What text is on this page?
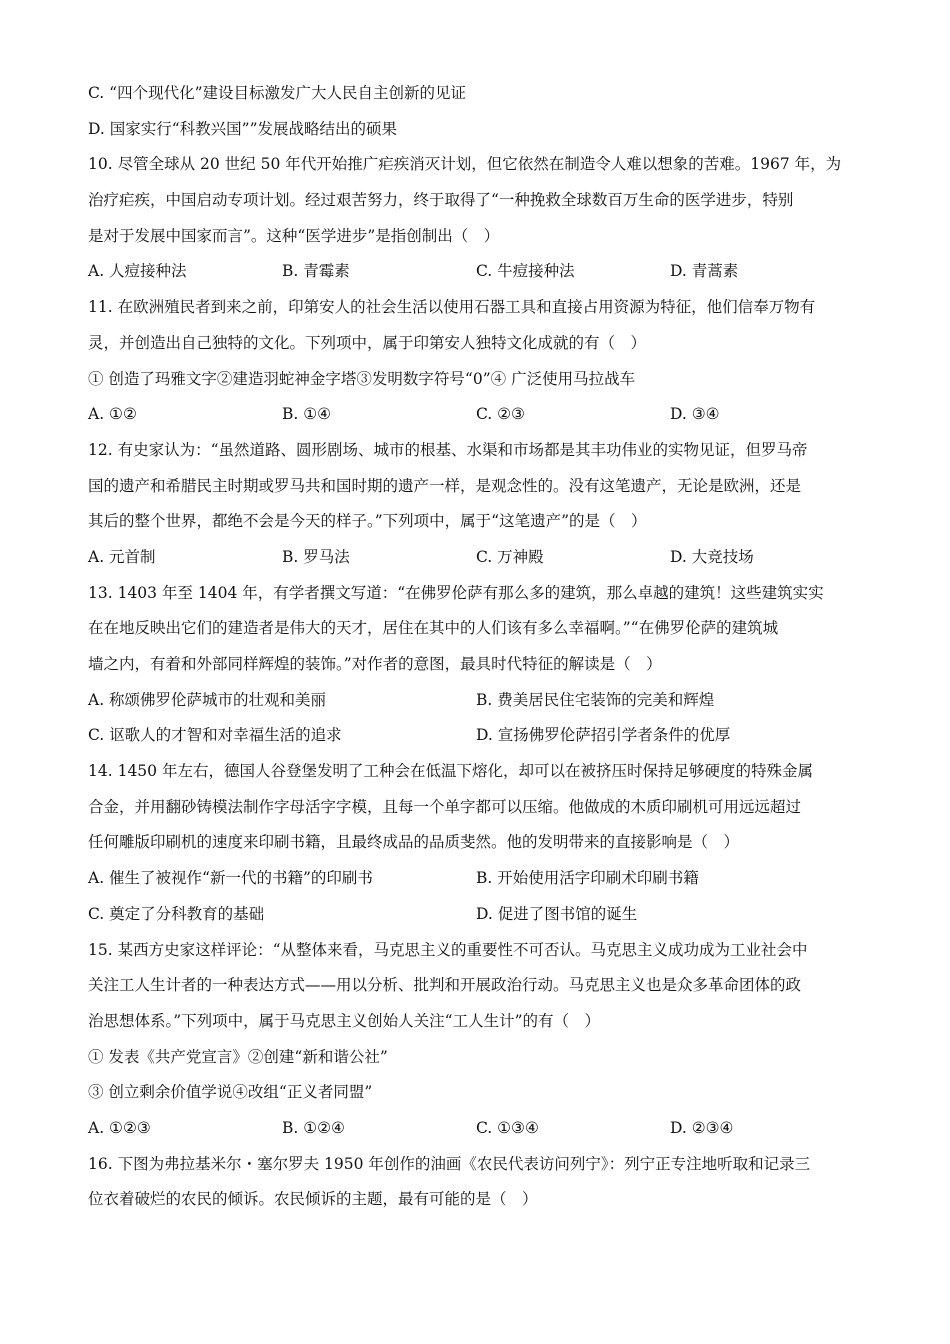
C. “四个现代化”建设目标激发广大人民自主创新的见证
D. 国家实行“科教兴国””发展战略结出的硕果
10. 尽管全球从 20 世纪 50 年代开始推广疟疾消灭计划，但它依然在制造令人难以想象的苦难。1967 年，为
治疗疟疾，中国启动专项计划。经过艰苦努力，终于取得了“一种挽救全球数百万生命的医学进步，特别
是对于发展中国家而言”。这种“医学进步”是指创制出（　）
A. 人痘接种法	B. 青霉素	C. 牛痘接种法	D. 青蒿素
11. 在欧洲殖民者到来之前，印第安人的社会生活以使用石器工具和直接占用资源为特征，他们信奉万物有
灵，并创造出自己独特的文化。下列项中，属于印第安人独特文化成就的有（　）
① 创造了玛雅文字②建造羽蛇神金字塔③发明数字符号“0”④ 广泛使用马拉战车
A. ①②	B. ①④	C. ②③	D. ③④
12. 有史家认为：“虽然道路、圆形剧场、城市的根基、水渠和市场都是其丰功伟业的实物见证，但罗马帝
国的遗产和希腊民主时期或罗马共和国时期的遗产一样，是观念性的。没有这笔遗产，无论是欧洲，还是
其后的整个世界，都绝不会是今天的样子。”下列项中，属于“这笔遗产”的是（　）
A. 元首制	B. 罗马法	C. 万神殿	D. 大竞技场
13. 1403 年至 1404 年，有学者撰文写道：“在佛罗伦萨有那么多的建筑，那么卓越的建筑！这些建筑实实
在在地反映出它们的建造者是伟大的天才，居住在其中的人们该有多么幸福啊。”“在佛罗伦萨的建筑城
墙之内，有着和外部同样辉煌的装饰。”对作者的意图，最具时代特征的解读是（　）
A. 称颂佛罗伦萨城市的壮观和美丽	B. 费美居民住宅装饰的完美和辉煌
C. 讴歌人的才智和对幸福生活的追求	D. 宣扬佛罗伦萨招引学者条件的优厚
14. 1450 年左右，德国人谷登堡发明了工种会在低温下熔化，却可以在被挤压时保持足够硬度的特殊金属
合金，并用翻砂铸模法制作字母活字字模，且每一个单字都可以压缩。他做成的木质印刷机可用远远超过
任何雕版印刷机的速度来印刷书籍，且最终成品的品质斐然。他的发明带来的直接影响是（　）
A. 催生了被视作“新一代的书籍”的印刷书	B. 开始使用活字印刷术印刷书籍
C. 奠定了分科教育的基础	D. 促进了图书馆的诞生
15. 某西方史家这样评论：“从整体来看，马克思主义的重要性不可否认。马克思主义成功成为工业社会中
关注工人生计者的一种表达方式——用以分析、批判和开展政治行动。马克思主义也是众多革命团体的政
治思想体系。”下列项中，属于马克思主义创始人关注“工人生计”的有（　）
① 发表《共产党宣言》②创建“新和谐公社”
③ 创立剩余价值学说④改组“正义者同盟”
A. ①②③	B. ①②④	C. ①③④	D. ②③④
16. 下图为弗拉基米尔・塞尔罗夫 1950 年创作的油画《农民代表访问列宁》：列宁正专注地听取和记录三
位衣着破烂的农民的倾诉。农民倾诉的主题，最有可能的是（　）
